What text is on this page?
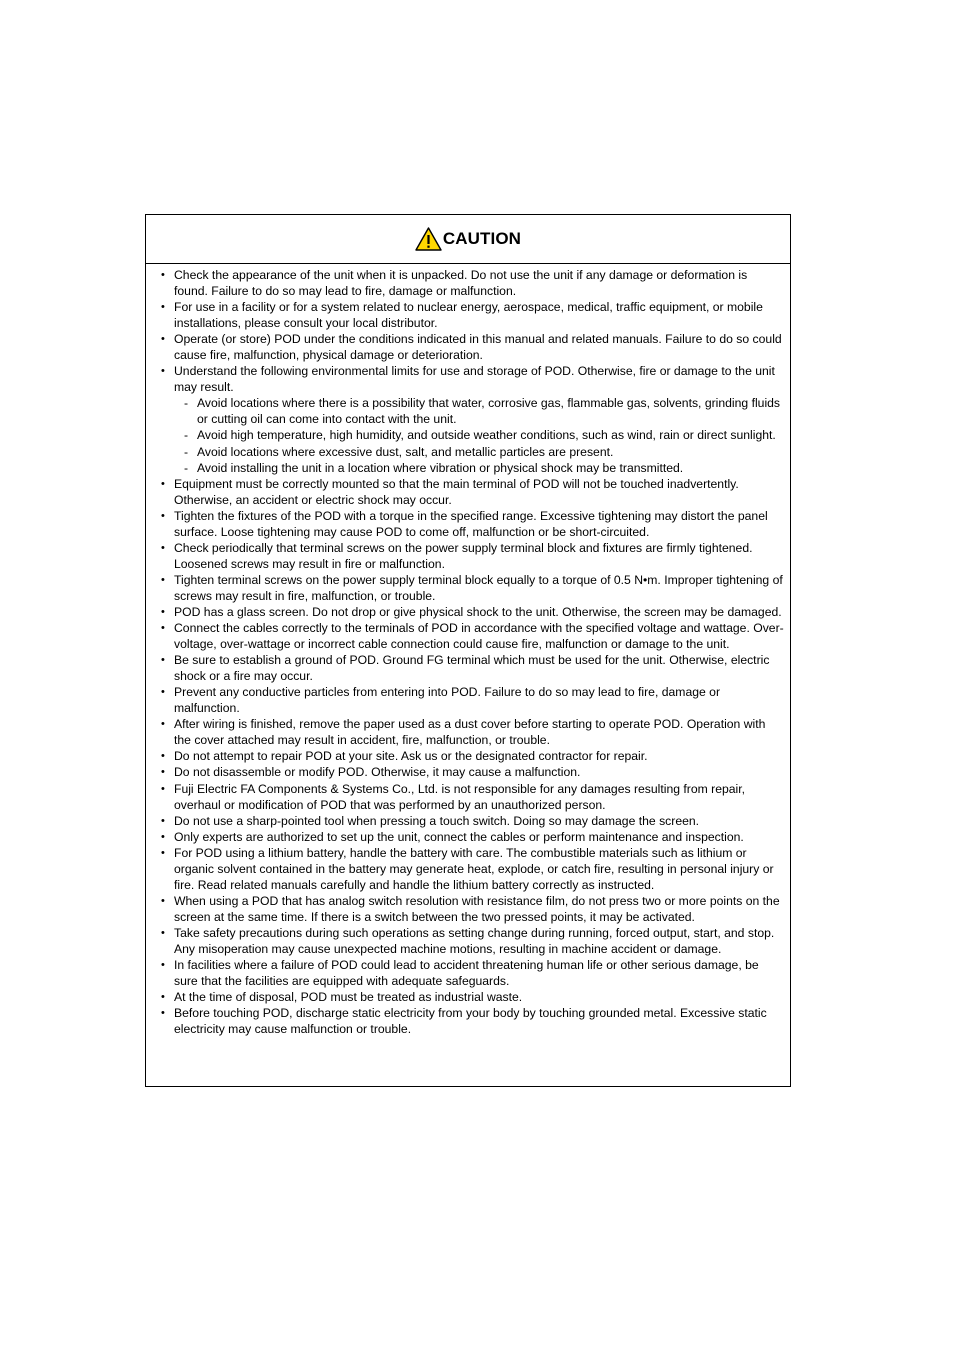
CAUTION
• Check the appearance of the unit when it is unpacked. Do not use the unit if any damage or deformation is found. Failure to do so may lead to fire, damage or malfunction.
• For use in a facility or for a system related to nuclear energy, aerospace, medical, traffic equipment, or mobile installations, please consult your local distributor.
• Operate (or store) POD under the conditions indicated in this manual and related manuals. Failure to do so could cause fire, malfunction, physical damage or deterioration.
• Understand the following environmental limits for use and storage of POD. Otherwise, fire or damage to the unit may result.
- Avoid locations where there is a possibility that water, corrosive gas, flammable gas, solvents, grinding fluids or cutting oil can come into contact with the unit.
- Avoid high temperature, high humidity, and outside weather conditions, such as wind, rain or direct sunlight.
- Avoid locations where excessive dust, salt, and metallic particles are present.
- Avoid installing the unit in a location where vibration or physical shock may be transmitted.
• Equipment must be correctly mounted so that the main terminal of POD will not be touched inadvertently. Otherwise, an accident or electric shock may occur.
• Tighten the fixtures of the POD with a torque in the specified range. Excessive tightening may distort the panel surface. Loose tightening may cause POD to come off, malfunction or be short-circuited.
• Check periodically that terminal screws on the power supply terminal block and fixtures are firmly tightened. Loosened screws may result in fire or malfunction.
• Tighten terminal screws on the power supply terminal block equally to a torque of 0.5 N•m. Improper tightening of screws may result in fire, malfunction, or trouble.
• POD has a glass screen. Do not drop or give physical shock to the unit. Otherwise, the screen may be damaged.
• Connect the cables correctly to the terminals of POD in accordance with the specified voltage and wattage. Over-voltage, over-wattage or incorrect cable connection could cause fire, malfunction or damage to the unit.
• Be sure to establish a ground of POD. Ground FG terminal which must be used for the unit. Otherwise, electric shock or a fire may occur.
• Prevent any conductive particles from entering into POD. Failure to do so may lead to fire, damage or malfunction.
• After wiring is finished, remove the paper used as a dust cover before starting to operate POD. Operation with the cover attached may result in accident, fire, malfunction, or trouble.
• Do not attempt to repair POD at your site. Ask us or the designated contractor for repair.
• Do not disassemble or modify POD. Otherwise, it may cause a malfunction.
• Fuji Electric FA Components & Systems Co., Ltd. is not responsible for any damages resulting from repair, overhaul or modification of POD that was performed by an unauthorized person.
• Do not use a sharp-pointed tool when pressing a touch switch. Doing so may damage the screen.
• Only experts are authorized to set up the unit, connect the cables or perform maintenance and inspection.
• For POD using a lithium battery, handle the battery with care. The combustible materials such as lithium or organic solvent contained in the battery may generate heat, explode, or catch fire, resulting in personal injury or fire. Read related manuals carefully and handle the lithium battery correctly as instructed.
• When using a POD that has analog switch resolution with resistance film, do not press two or more points on the screen at the same time. If there is a switch between the two pressed points, it may be activated.
• Take safety precautions during such operations as setting change during running, forced output, start, and stop. Any misoperation may cause unexpected machine motions, resulting in machine accident or damage.
• In facilities where a failure of POD could lead to accident threatening human life or other serious damage, be sure that the facilities are equipped with adequate safeguards.
• At the time of disposal, POD must be treated as industrial waste.
• Before touching POD, discharge static electricity from your body by touching grounded metal. Excessive static electricity may cause malfunction or trouble.
